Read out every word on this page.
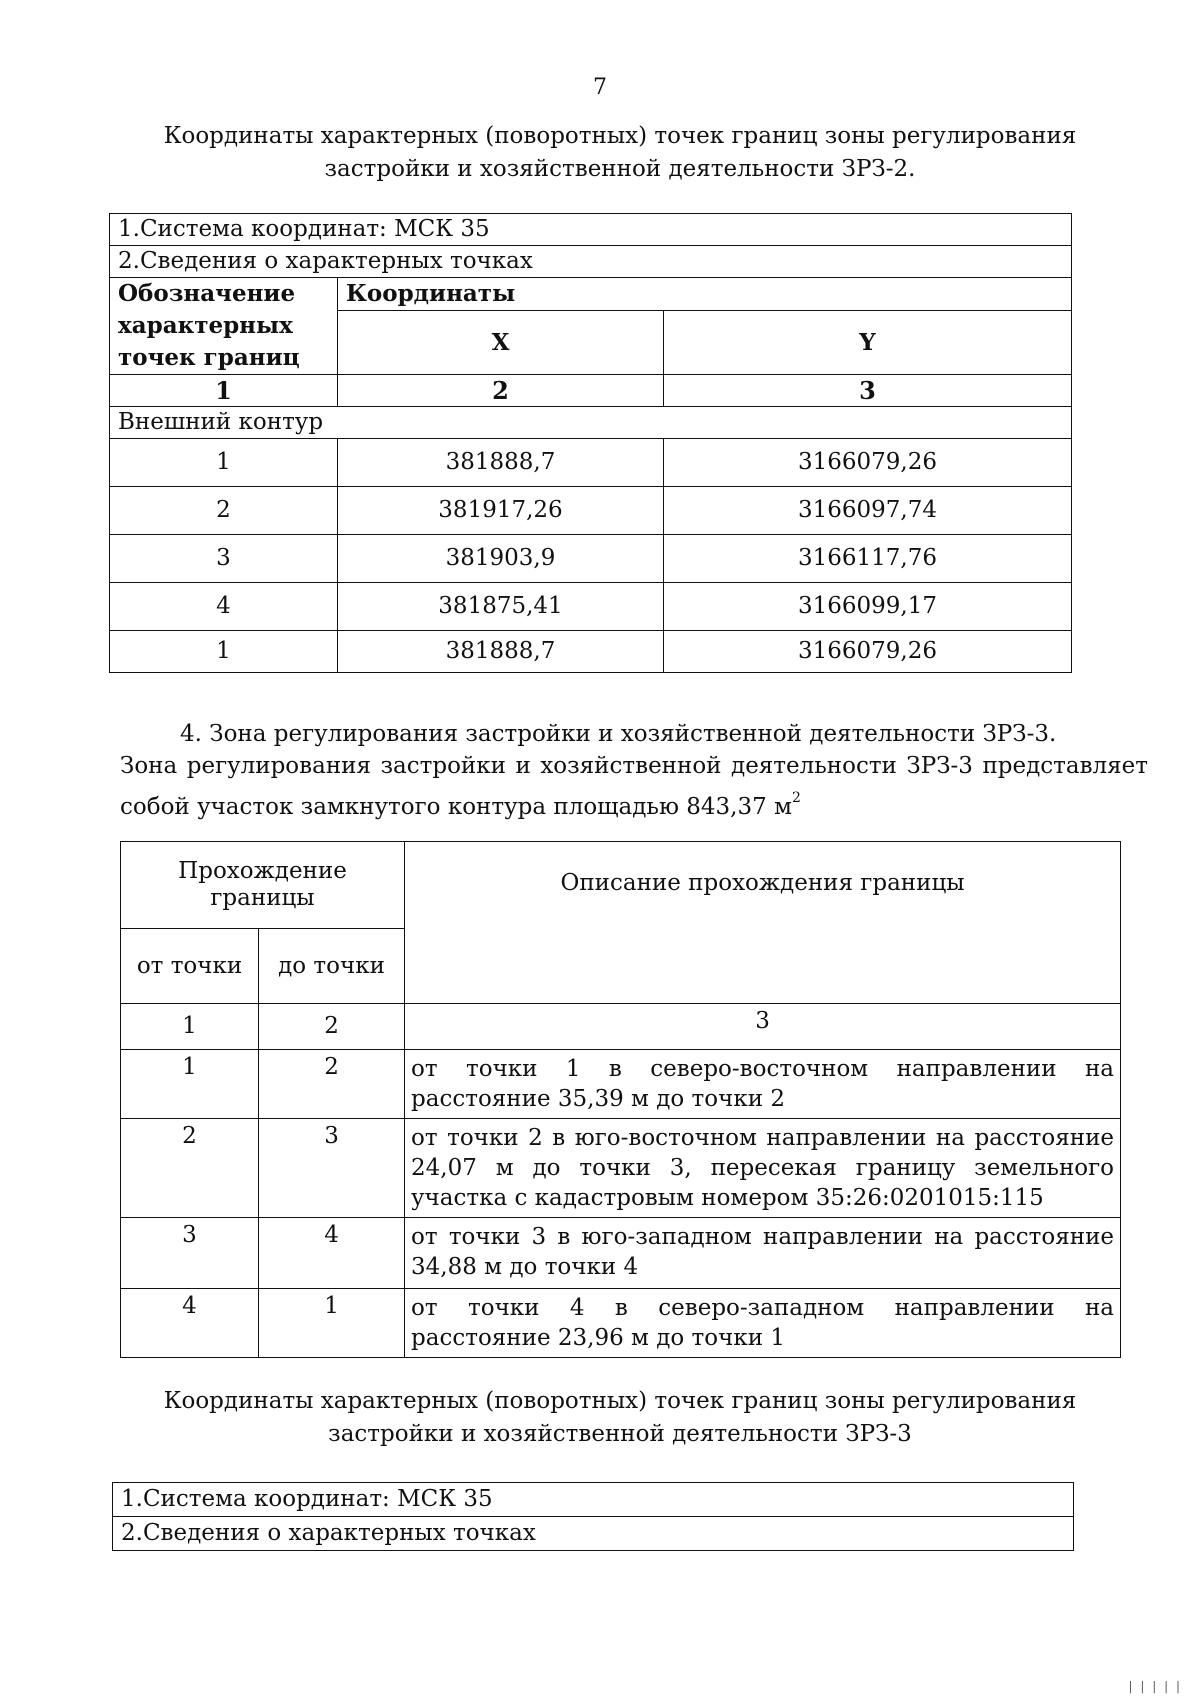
7
Координаты характерных (поворотных) точек границ зоны регулирования
застройки и хозяйственной деятельности ЗРЗ-2.
1.Система координат: МСК 35		
2.Сведения о характерных точках		
Обозначение характерных точек границ	Координаты	
	X	Y
1	2	3
Внешний контур		
1	381888,7	3166079,26
2	381917,26	3166097,74
3	381903,9	3166117,76
4	381875,41	3166099,17
1	381888,7	3166079,26
4. Зона регулирования застройки и хозяйственной деятельности ЗРЗ-3.
Зона регулирования застройки и хозяйственной деятельности ЗРЗ-3 представляет собой участок замкнутого контура площадью 843,37 $м^2$
Прохождение границы		Описание прохождения границы
от точки	до точки	
1	2	3
1	2	от точки 1 в северо-восточном направлении на расстояние 35,39 м до точки 2
2	3	от точки 2 в юго-восточном направлении на расстояние 24,07 м до точки 3, пересекая границу земельного участка с кадастровым номером 35:26:0201015:115
3	4	от точки 3 в юго-западном направлении на расстояние 34,88 м до точки 4
4	1	от точки 4 в северо-западном направлении на расстояние 23,96 м до точки 1
Координаты характерных (поворотных) точек границ зоны регулирования
застройки и хозяйственной деятельности ЗРЗ-3
1.Система координат: МСК 35
2.Сведения о характерных точках
| | | | |
